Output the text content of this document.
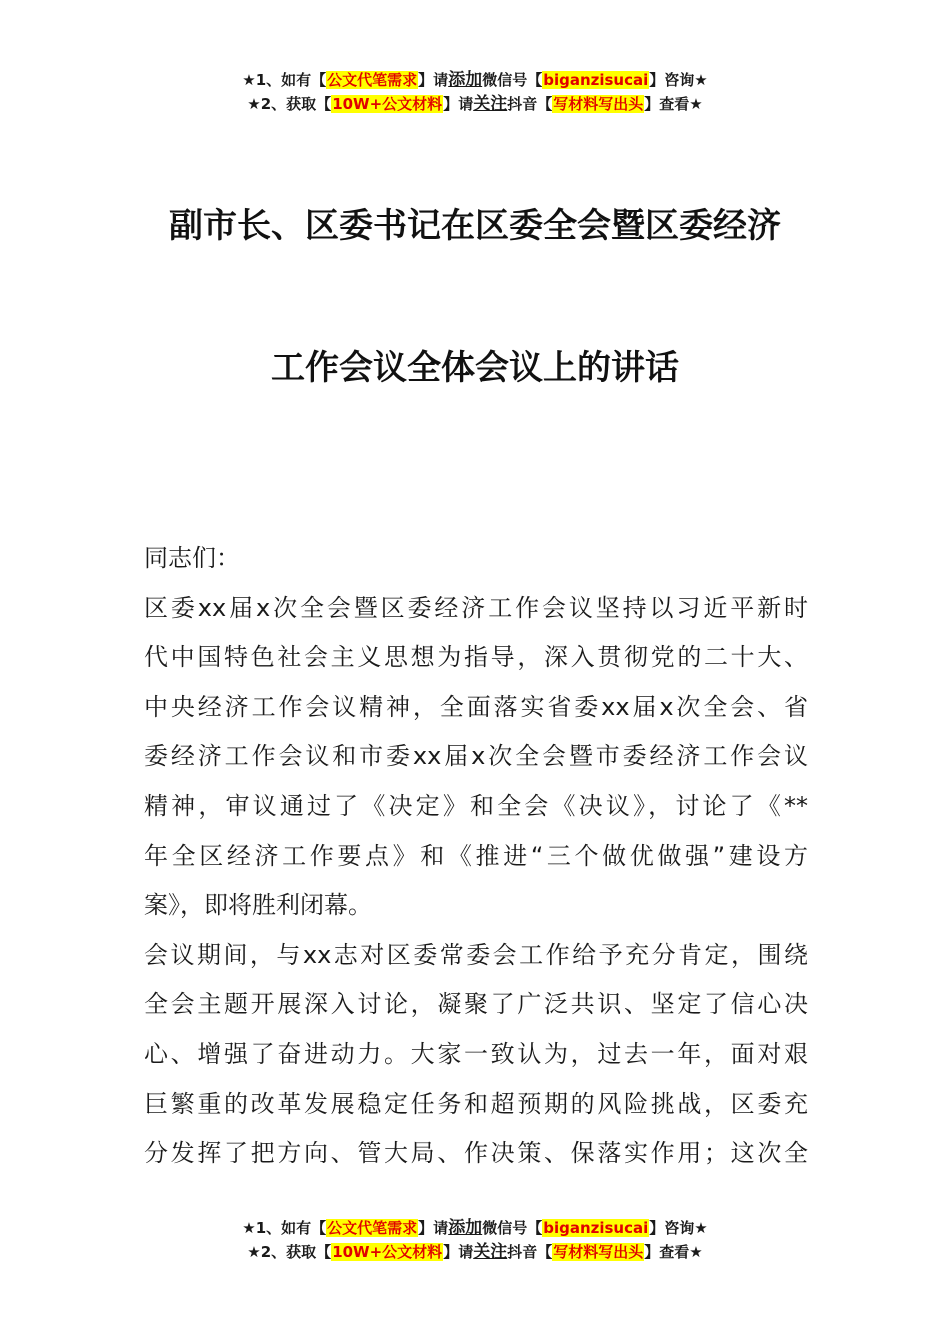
★1、如有【公文代笔需求】请添加微信号【biganzisucai】咨询★
★2、获取【10W+公文材料】请关注抖音【写材料写出头】查看★
副市长、区委书记在区委全会暨区委经济
工作会议全体会议上的讲话
同志们：
区委xx届x次全会暨区委经济工作会议坚持以习近平新时
代中国特色社会主义思想为指导，深入贯彻党的二十大、
中央经济工作会议精神，全面落实省委xx届x次全会、省
委经济工作会议和市委xx届x次全会暨市委经济工作会议
精神，审议通过了《决定》和全会《决议》，讨论了《**
年全区经济工作要点》和《推进“三个做优做强”建设方
案》，即将胜利闭幕。
会议期间，与xx志对区委常委会工作给予充分肯定，围绕
全会主题开展深入讨论，凝聚了广泛共识、坚定了信心决
心、增强了奋进动力。大家一致认为，过去一年，面对艰
巨繁重的改革发展稳定任务和超预期的风险挑战，区委充
分发挥了把方向、管大局、作决策、保落实作用；这次全
★1、如有【公文代笔需求】请添加微信号【biganzisucai】咨询★
★2、获取【10W+公文材料】请关注抖音【写材料写出头】查看★
